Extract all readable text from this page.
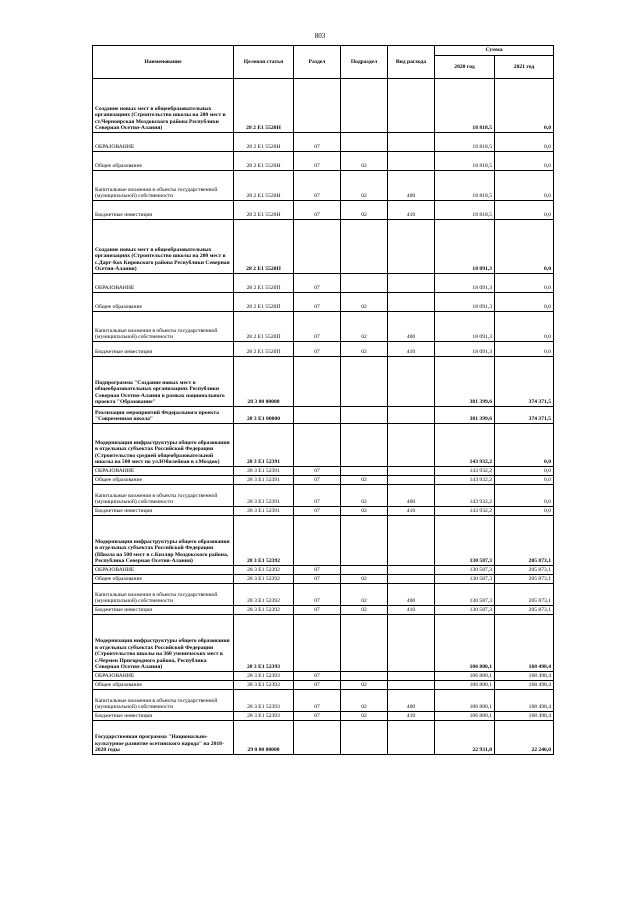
803
Наименование	Целевая статья	Раздел	Подраздел	Вид расхода	Сумма	
					2020 год	2021 год
Создание новых мест в общеобразовательных организациях (Строительство школы на 200 мест в ст.Черноярская Моздокского района Республики Северная Осетия-Алания)	28 2 Е1 5520Н				18 818,5	0,0
ОБРАЗОВАНИЕ	28 2 Е1 5520Н	07			18 818,5	0,0
Общее образование	28 2 Е1 5520Н	07	02		18 818,5	0,0
Капитальные вложения в объекты государственной (муниципальной) собственности	28 2 Е1 5520Н	07	02	400	18 818,5	0,0
Бюджетные инвестиции	28 2 Е1 5520Н	07	02	410	18 818,5	0,0
Создание новых мест в общеобразовательных организациях (Строительство школы на 200 мест в с.Дарг-Кох Кировского района Республики Северная Осетия-Алания)	28 2 Е1 5520П				18 091,3	0,0
ОБРАЗОВАНИЕ	28 2 Е1 5520П	07			18 091,3	0,0
Общее образование	28 2 Е1 5520П	07	02		18 091,3	0,0
Капитальные вложения в объекты государственной (муниципальной) собственности	28 2 Е1 5520П	07	02	400	18 091,3	0,0
Бюджетные инвестиции	28 2 Е1 5520П	07	02	410	18 091,3	0,0
Подпрограмма "Создание новых мест в общеобразовательных организациях Республики Северная Осетия-Алания в рамках национального проекта "Образование"	28 3 00 00000				381 399,6	374 371,5
Реализация мероприятий Федерального проекта "Современная школа"	28 3 Е1 00000				381 399,6	374 371,5
Модернизация инфраструктуры общего образования в отдельных субъектах Российской Федерации (Строительство средней общеобразовательной школы на 500 мест по ул.Юбилейная в г.Моздок)	28 3 Е1 52391				143 932,2	0,0
ОБРАЗОВАНИЕ	28 3 Е1 52391	07			143 932,2	0,0
Общее образование	28 3 Е1 52391	07	02		143 932,2	0,0
Капитальные вложения в объекты государственной (муниципальной) собственности	28 3 Е1 52391	07	02	400	143 932,2	0,0
Бюджетные инвестиции	28 3 Е1 52391	07	02	410	143 932,2	0,0
Модернизация инфраструктуры общего образования в отдельных субъектах Российской Федерации (Школа на 500 мест в с.Кизляр Моздокского района, Республика Северная Осетия-Алания)	28 3 Е1 52392				130 587,3	205 873,1
ОБРАЗОВАНИЕ	28 3 Е1 52392	07			130 587,3	205 873,1
Общее образование	28 3 Е1 52392	07	02		130 587,3	205 873,1
Капитальные вложения в объекты государственной (муниципальной) собственности	28 3 Е1 52392	07	02	400	130 587,3	205 873,1
Бюджетные инвестиции	28 3 Е1 52392	07	02	410	130 587,3	205 873,1
Модернизация инфраструктуры общего образования в отдельных субъектах Российской Федерации (Строительство школы на 360 ученических мест в с.Чермен Пригородного района, Республика Северная Осетия-Алания)	28 3 Е1 52393				106 880,1	168 498,4
ОБРАЗОВАНИЕ	28 3 Е1 52393	07			106 880,1	168 498,4
Общее образование	28 3 Е1 52393	07	02		106 880,1	168 498,4
Капитальные вложения в объекты государственной (муниципальной) собственности	28 3 Е1 52393	07	02	400	106 880,1	168 498,4
Бюджетные инвестиции	28 3 Е1 52393	07	02	410	106 880,1	168 498,4
Государственная программа "Национально-культурное развитие осетинского народа" на 2018-2020 годы	29 0 00 00000				22 931,0	22 246,0
